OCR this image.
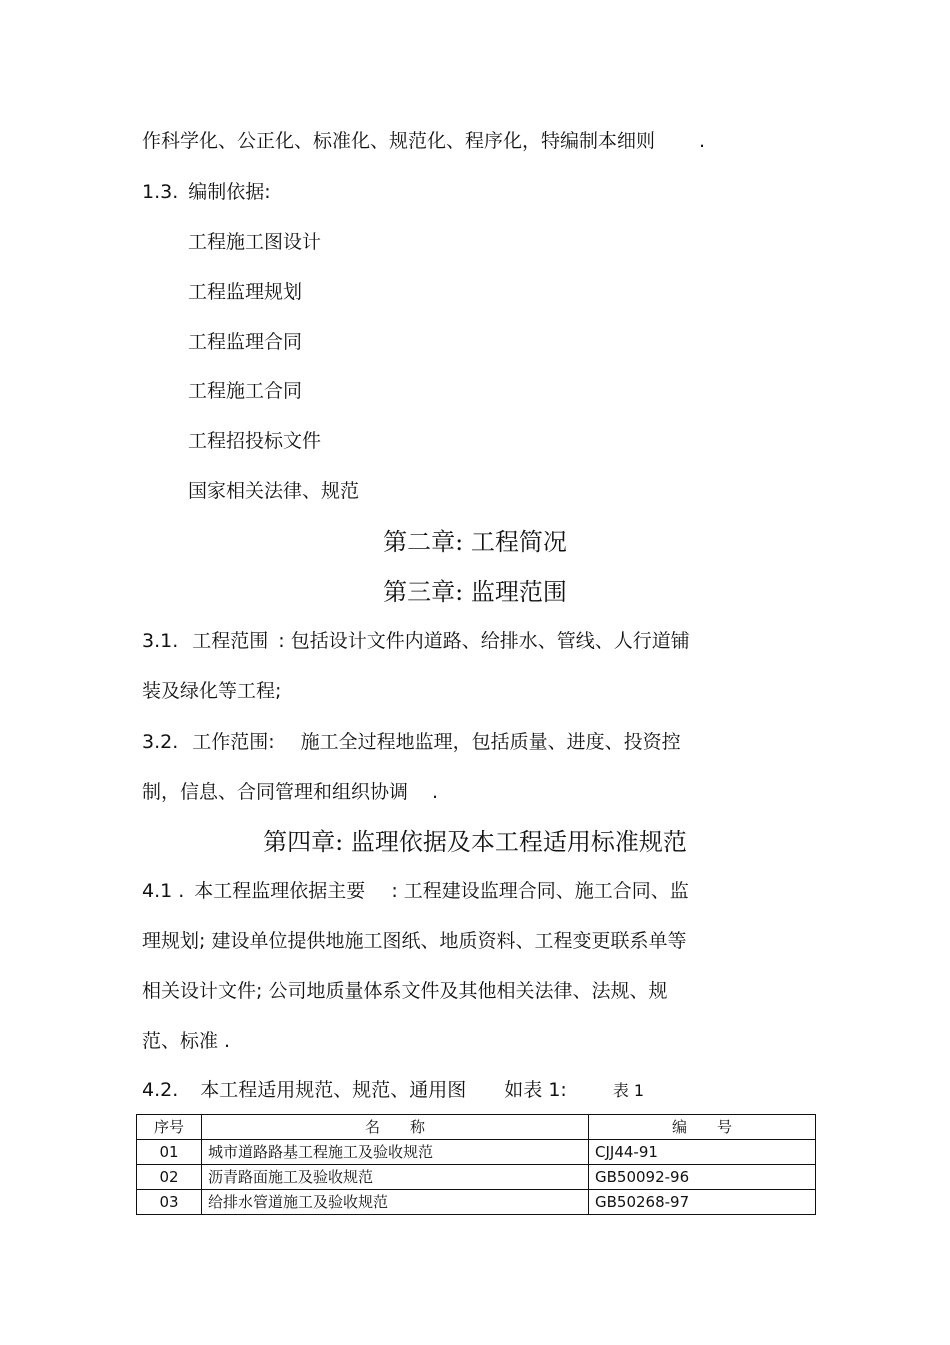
作科学化、公正化、标准化、规范化、程序化，特编制本细则 .
1.3. 编制依据:
工程施工图设计
工程监理规划
工程监理合同
工程施工合同
工程招投标文件
国家相关法律、规范
第二章: 工程简况
第三章: 监理范围
3.1. 工程范围 : 包括设计文件内道路、给排水、管线、人行道铺
装及绿化等工程;
3.2. 工作范围: 施工全过程地监理，包括质量、进度、投资控
制，信息、合同管理和组织协调 .
第四章: 监理依据及本工程适用标准规范
4.1 . 本工程监理依据主要 : 工程建设监理合同、施工合同、监
理规划; 建设单位提供地施工图纸、地质资料、工程变更联系单等
相关设计文件; 公司地质量体系文件及其他相关法律、法规、规
范、标准 .
4.2. 本工程适用规范、规范、通用图 如表 1:	表 1
序号	名　　称	编　　号
01	城市道路路基工程施工及验收规范	CJJ44-91
02	沥青路面施工及验收规范	GB50092-96
03	给排水管道施工及验收规范	GB50268-97
